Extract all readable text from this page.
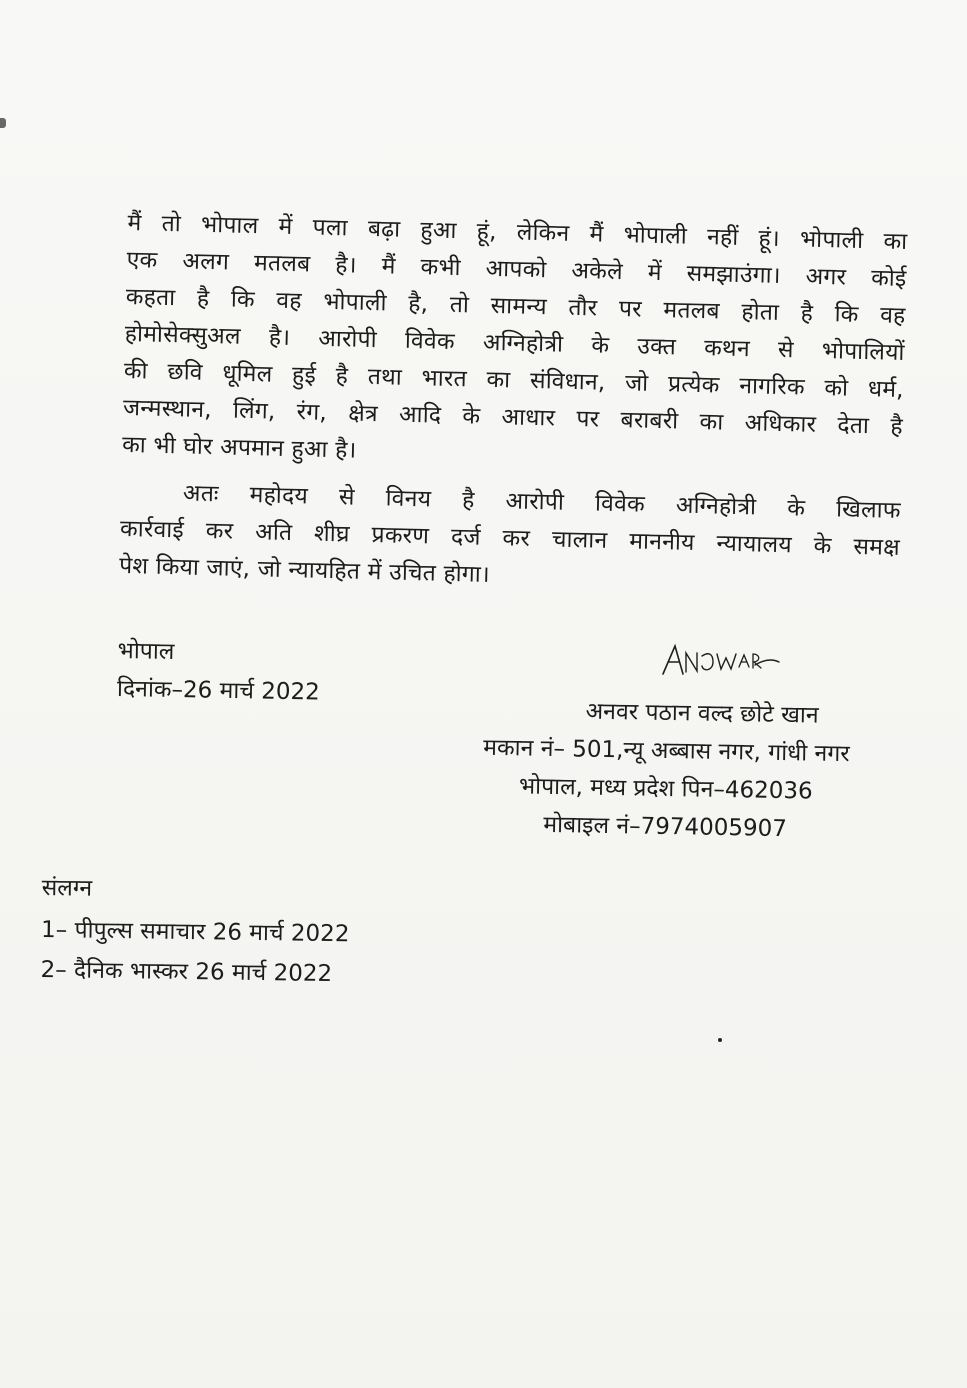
मैं तो भोपाल में पला बढ़ा हुआ हूं, लेकिन मैं भोपाली नहीं हूं। भोपाली का
एक अलग मतलब है। मैं कभी आपको अकेले में समझाउंगा। अगर कोई
कहता है कि वह भोपाली है, तो सामन्य तौर पर मतलब होता है कि वह
होमोसेक्सुअल है। आरोपी विवेक अग्निहोत्री के उक्त कथन से भोपालियों
की छवि धूमिल हुई है तथा भारत का संविधान, जो प्रत्येक नागरिक को धर्म,
जन्मस्थान, लिंग, रंग, क्षेत्र आदि के आधार पर बराबरी का अधिकार देता है
का भी घोर अपमान हुआ है।
अतः महोदय से विनय है आरोपी विवेक अग्निहोत्री के खिलाफ
कार्रवाई कर अति शीघ्र प्रकरण दर्ज कर चालान माननीय न्यायालय के समक्ष
पेश किया जाएं, जो न्यायहित में उचित होगा।
भोपाल
दिनांक–26 मार्च 2022
अनवर पठान वल्द छोटे खान
मकान नं– 501,न्यू अब्बास नगर, गांधी नगर
भोपाल, मध्य प्रदेश पिन–462036
मोबाइल नं–7974005907
संलग्न
1– पीपुल्स समाचार 26 मार्च 2022
2– दैनिक भास्कर 26 मार्च 2022
